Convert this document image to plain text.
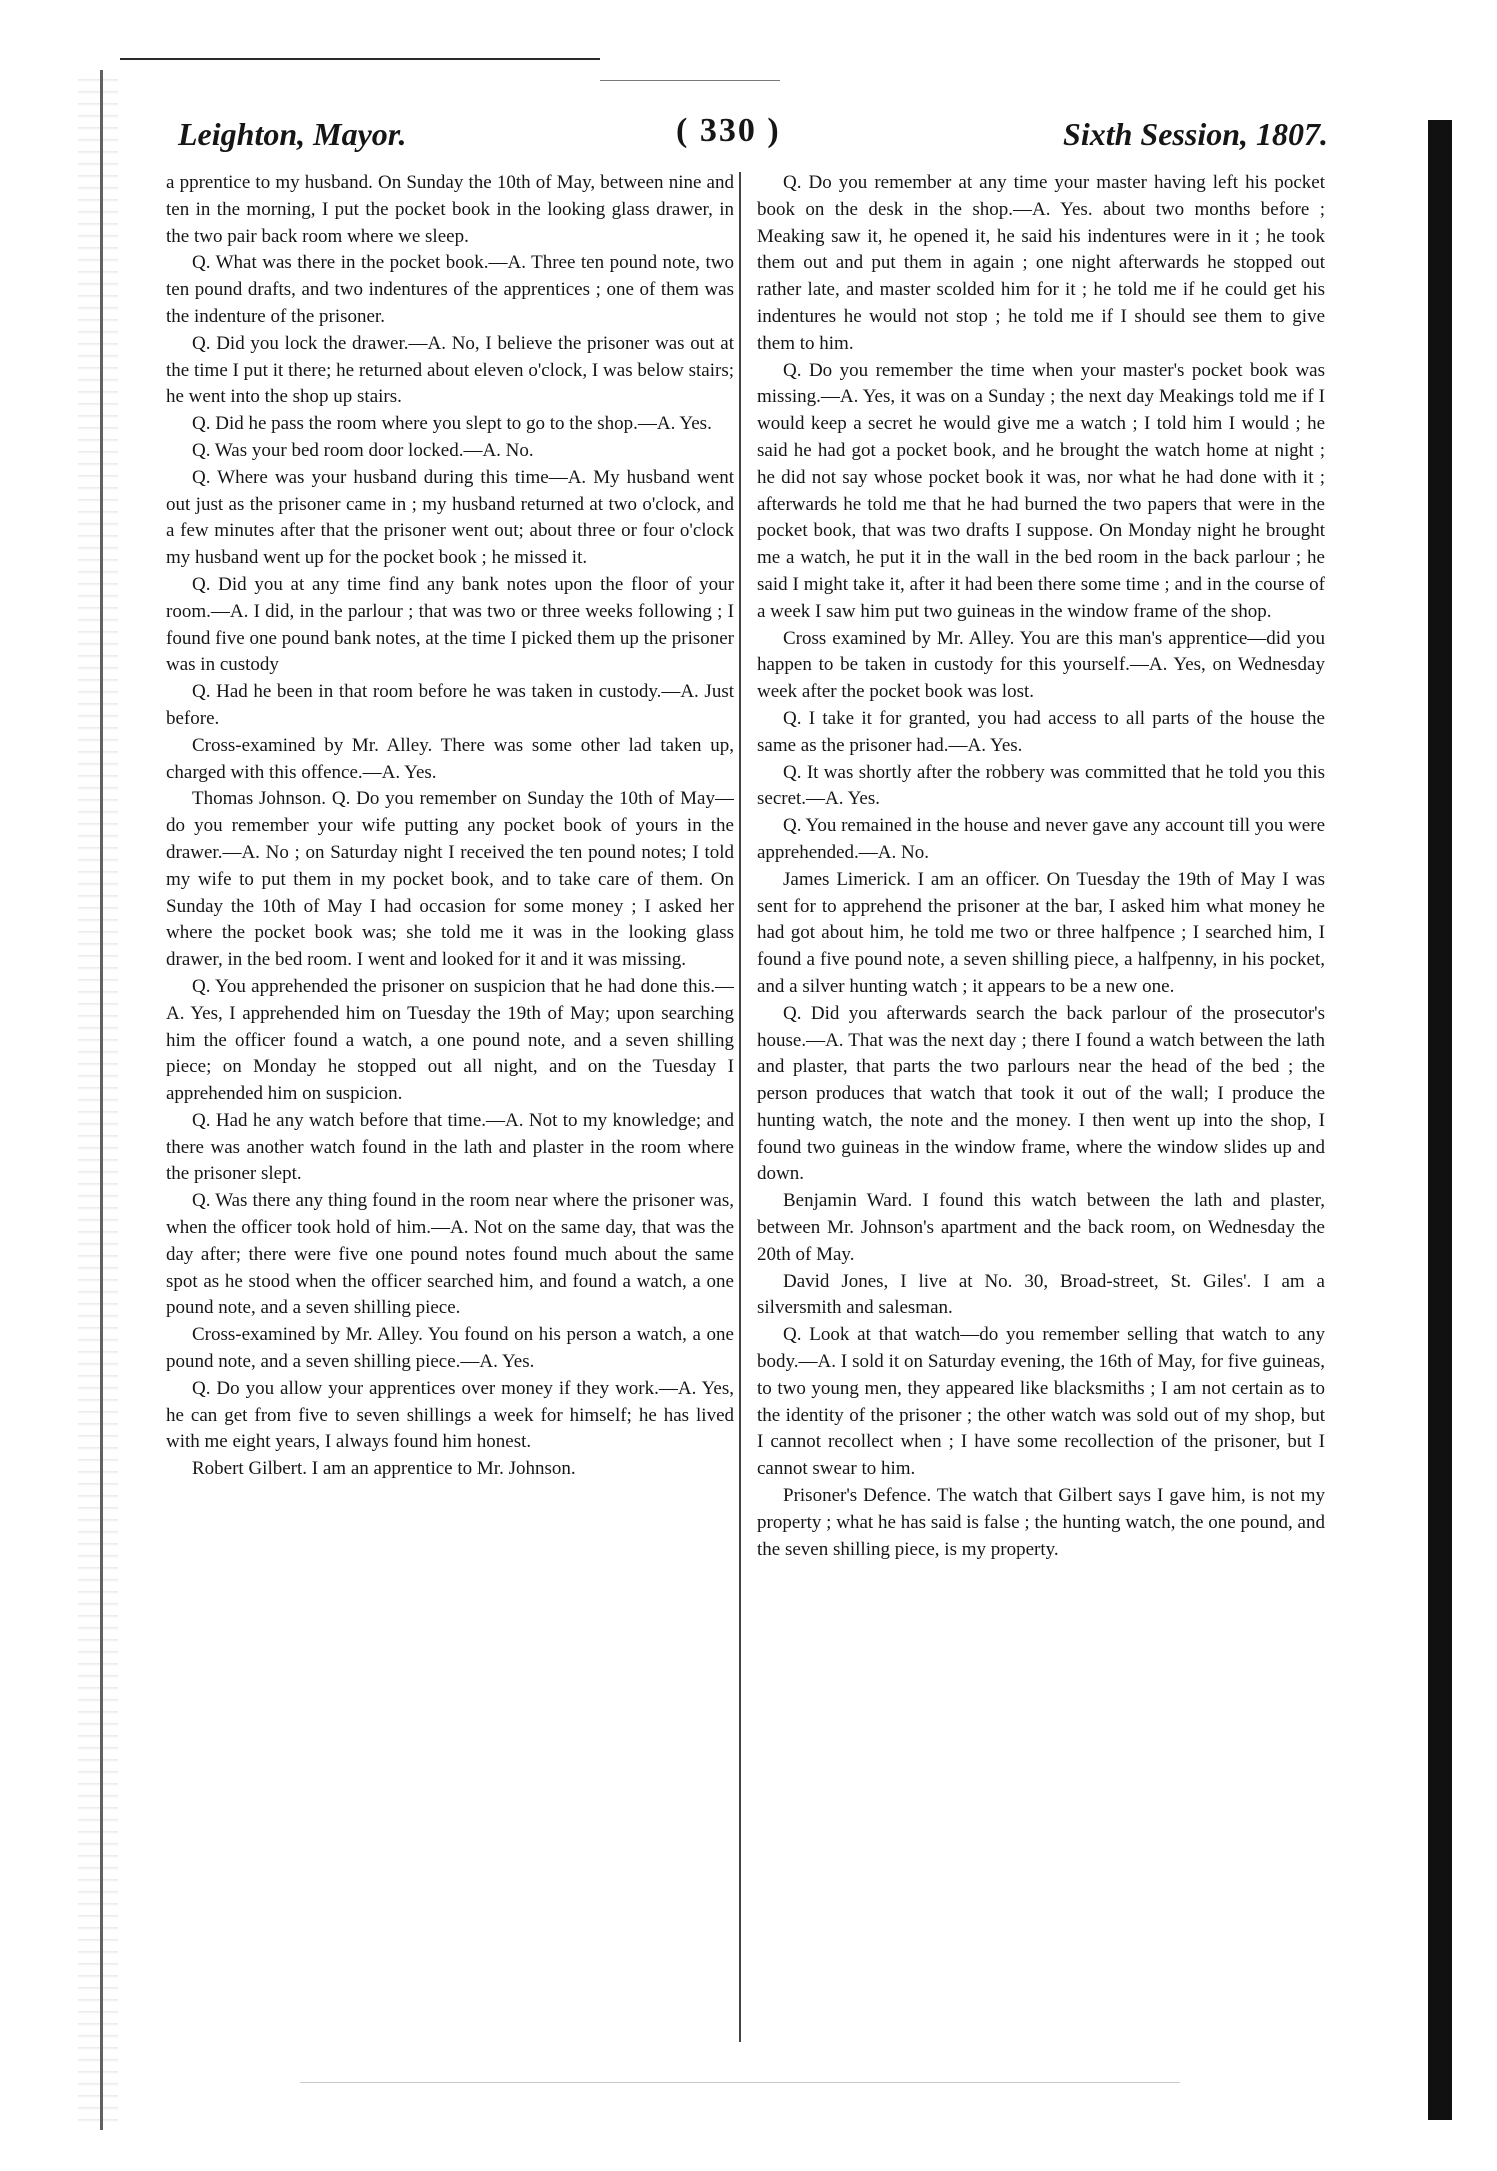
Leighton, Mayor.	( 330 )	Sixth Session, 1807.

a pprentice to my husband. On Sunday the 10th of May, between nine and ten in the morning, I put the pocket book in the looking glass drawer, in the two pair back room where we sleep.

Q. What was there in the pocket book.—A. Three ten pound note, two ten pound drafts, and two indentures of the apprentices ; one of them was the indenture of the prisoner.

Q. Did you lock the drawer.—A. No, I believe the prisoner was out at the time I put it there; he returned about eleven o'clock, I was below stairs; he went into the shop up stairs.

Q. Did he pass the room where you slept to go to the shop.—A. Yes.

Q. Was your bed room door locked.—A. No.

Q. Where was your husband during this time—A. My husband went out just as the prisoner came in ; my husband returned at two o'clock, and a few minutes after that the prisoner went out; about three or four o'clock my husband went up for the pocket book ; he missed it.

Q. Did you at any time find any bank notes upon the floor of your room.—A. I did, in the parlour ; that was two or three weeks following ; I found five one pound bank notes, at the time I picked them up the prisoner was in custody

Q. Had he been in that room before he was taken in custody.—A. Just before.

Cross-examined by Mr. Alley. There was some other lad taken up, charged with this offence.—A. Yes.

Thomas Johnson. Q. Do you remember on Sunday the 10th of May—do you remember your wife putting any pocket book of yours in the drawer.—A. No ; on Saturday night I received the ten pound notes; I told my wife to put them in my pocket book, and to take care of them. On Sunday the 10th of May I had occasion for some money ; I asked her where the pocket book was; she told me it was in the looking glass drawer, in the bed room. I went and looked for it and it was missing.

Q. You apprehended the prisoner on suspicion that he had done this.—A. Yes, I apprehended him on Tuesday the 19th of May; upon searching him the officer found a watch, a one pound note, and a seven shilling piece; on Monday he stopped out all night, and on the Tuesday I apprehended him on suspicion.

Q. Had he any watch before that time.—A. Not to my knowledge; and there was another watch found in the lath and plaster in the room where the prisoner slept.

Q. Was there any thing found in the room near where the prisoner was, when the officer took hold of him.—A. Not on the same day, that was the day after; there were five one pound notes found much about the same spot as he stood when the officer searched him, and found a watch, a one pound note, and a seven shilling piece.

Cross-examined by Mr. Alley. You found on his person a watch, a one pound note, and a seven shilling piece.—A. Yes.

Q. Do you allow your apprentices over money if they work.—A. Yes, he can get from five to seven shillings a week for himself; he has lived with me eight years, I always found him honest.

Robert Gilbert. I am an apprentice to Mr. Johnson.

Q. Do you remember at any time your master having left his pocket book on the desk in the shop.—A. Yes. about two months before ; Meaking saw it, he opened it, he said his indentures were in it ; he took them out and put them in again ; one night afterwards he stopped out rather late, and master scolded him for it ; he told me if he could get his indentures he would not stop ; he told me if I should see them to give them to him.

Q. Do you remember the time when your master's pocket book was missing.—A. Yes, it was on a Sunday ; the next day Meakings told me if I would keep a secret he would give me a watch ; I told him I would ; he said he had got a pocket book, and he brought the watch home at night ; he did not say whose pocket book it was, nor what he had done with it ; afterwards he told me that he had burned the two papers that were in the pocket book, that was two drafts I suppose. On Monday night he brought me a watch, he put it in the wall in the bed room in the back parlour ; he said I might take it, after it had been there some time ; and in the course of a week I saw him put two guineas in the window frame of the shop.

Cross examined by Mr. Alley. You are this man's apprentice—did you happen to be taken in custody for this yourself.—A. Yes, on Wednesday week after the pocket book was lost.

Q. I take it for granted, you had access to all parts of the house the same as the prisoner had.—A. Yes.

Q. It was shortly after the robbery was committed that he told you this secret.—A. Yes.

Q. You remained in the house and never gave any account till you were apprehended.—A. No.

James Limerick. I am an officer. On Tuesday the 19th of May I was sent for to apprehend the prisoner at the bar, I asked him what money he had got about him, he told me two or three halfpence ; I searched him, I found a five pound note, a seven shilling piece, a halfpenny, in his pocket, and a silver hunting watch ; it appears to be a new one.

Q. Did you afterwards search the back parlour of the prosecutor's house.—A. That was the next day ; there I found a watch between the lath and plaster, that parts the two parlours near the head of the bed ; the person produces that watch that took it out of the wall; I produce the hunting watch, the note and the money. I then went up into the shop, I found two guineas in the window frame, where the window slides up and down.

Benjamin Ward. I found this watch between the lath and plaster, between Mr. Johnson's apartment and the back room, on Wednesday the 20th of May.

David Jones, I live at No. 30, Broad-street, St. Giles'. I am a silversmith and salesman.

Q. Look at that watch—do you remember selling that watch to any body.—A. I sold it on Saturday evening, the 16th of May, for five guineas, to two young men, they appeared like blacksmiths ; I am not certain as to the identity of the prisoner ; the other watch was sold out of my shop, but I cannot recollect when ; I have some recollection of the prisoner, but I cannot swear to him.

Prisoner's Defence. The watch that Gilbert says I gave him, is not my property ; what he has said is false ; the hunting watch, the one pound, and the seven shilling piece, is my property.
